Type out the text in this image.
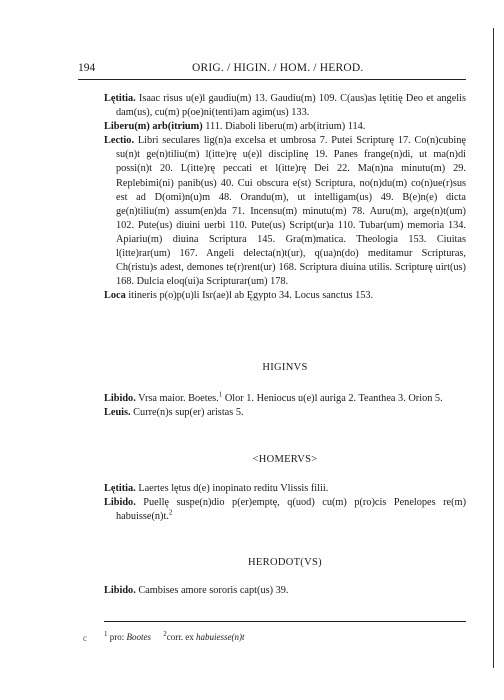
194	ORIG. / HIGIN. / HOM. / HEROD.

Lętitia. Isaac risus u(e)l gaudiu(m) 13. Gaudiu(m) 109. C(aus)as lętitię Deo et angelis dam(us), cu(m) p(oe)ni(tenti)am agim(us) 133.

Liberu(m) arb(itrium) 111. Diaboli liberu(m) arb(itrium) 114.

Lectio. Libri seculares lig(n)a excelsa et umbrosa 7. Putei Scripturę 17. Co(n)cubinę su(n)t ge(n)tiliu(m) l(itte)rę u(e)l disciplinę 19. Panes frange(n)di, ut ma(n)di possi(n)t 20. L(itte)rę peccati et l(itte)rę Dei 22. Ma(n)na minutu(m) 29. Replebimi(ni) panib(us) 40. Cui obscura e(st) Scriptura, no(n)du(m) co(n)ue(r)sus est ad D(omi)n(u)m 48. Orandu(m), ut intelligam(us) 49. B(e)n(e) dicta ge(n)tiliu(m) assum(en)da 71. Incensu(m) minutu(m) 78. Auru(m), arge(n)t(um) 102. Pute(us) diuini uerbi 110. Pute(us) Script(ur)a 110. Tubar(um) memoria 134. Apiariu(m) diuina Scriptura 145. Gra(m)matica. Theologia 153. Ciuitas l(itte)rar(um) 167. Angeli delecta(n)t(ur), q(ua)n(do) meditamur Scripturas, Ch(ristu)s adest, demones te(r)rent(ur) 168. Scriptura diuina utilis. Scripturę uirt(us) 168. Dulcia eloq(ui)a Scripturar(um) 178.

Loca itineris p(o)p(u)li Isr(ae)l ab Ęgypto 34. Locus sanctus 153.

HIGINVS

Libido. Vrsa maior. Boetes.$^1$ Olor 1. Heniocus u(e)l auriga 2. Teanthea 3. Orion 5.

Leuis. Curre(n)s sup(er) aristas 5.

<HOMERVS>

Lętitia. Laertes lętus d(e) inopinato reditu Vlissis filii.

Libido. Puellę suspe(n)dio p(er)emptę, q(uod) cu(m) p(ro)cis Penelopes re(m) habuisse(n)t.$^2$

HERODOT(VS)

Libido. Cambises amore sororis capt(us) 39.

c $^1$ pro: Bootes $^2$corr. ex habuiesse(n)t
